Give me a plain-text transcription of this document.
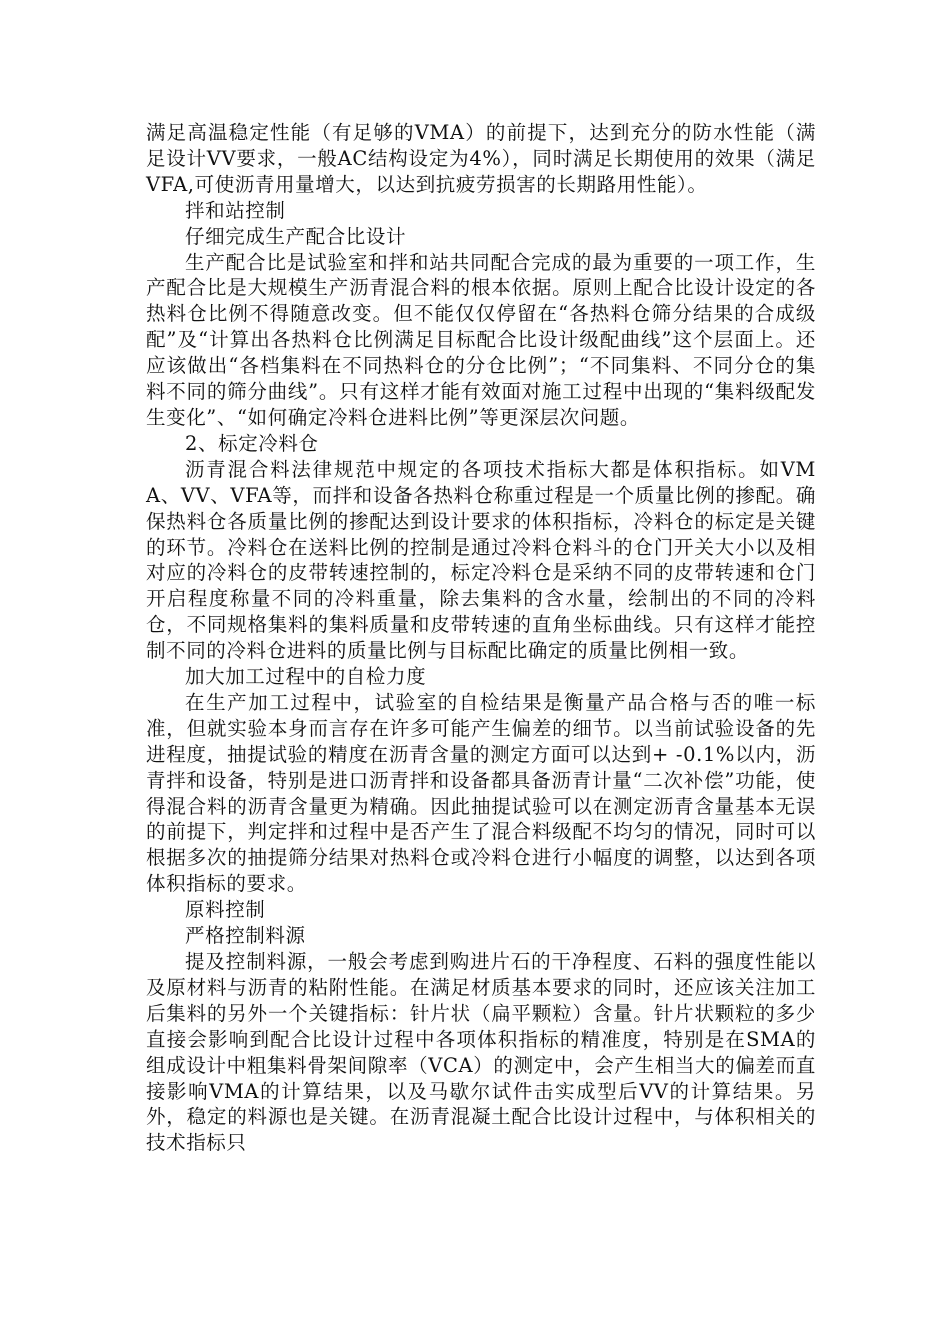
满足高温稳定性能（有足够的VMA）的前提下，达到充分的防水性能（满足设计VV要求，一般AC结构设定为4%），同时满足长期使用的效果（满足VFA,可使沥青用量增大，以达到抗疲劳损害的长期路用性能）。

拌和站控制

仔细完成生产配合比设计

生产配合比是试验室和拌和站共同配合完成的最为重要的一项工作，生产配合比是大规模生产沥青混合料的根本依据。原则上配合比设计设定的各热料仓比例不得随意改变。但不能仅仅停留在“各热料仓筛分结果的合成级配”及“计算出各热料仓比例满足目标配合比设计级配曲线”这个层面上。还应该做出“各档集料在不同热料仓的分仓比例”；“不同集料、不同分仓的集料不同的筛分曲线”。只有这样才能有效面对施工过程中出现的“集料级配发生变化”、“如何确定冷料仓进料比例”等更深层次问题。

2、标定冷料仓

沥青混合料法律规范中规定的各项技术指标大都是体积指标。如VMA、VV、VFA等，而拌和设备各热料仓称重过程是一个质量比例的掺配。确保热料仓各质量比例的掺配达到设计要求的体积指标，冷料仓的标定是关键的环节。冷料仓在送料比例的控制是通过冷料仓料斗的仓门开关大小以及相对应的冷料仓的皮带转速控制的，标定冷料仓是采纳不同的皮带转速和仓门开启程度称量不同的冷料重量，除去集料的含水量，绘制出的不同的冷料仓，不同规格集料的集料质量和皮带转速的直角坐标曲线。只有这样才能控制不同的冷料仓进料的质量比例与目标配比确定的质量比例相一致。

加大加工过程中的自检力度

在生产加工过程中，试验室的自检结果是衡量产品合格与否的唯一标准，但就实验本身而言存在许多可能产生偏差的细节。以当前试验设备的先进程度，抽提试验的精度在沥青含量的测定方面可以达到+ -0.1%以内，沥青拌和设备，特别是进口沥青拌和设备都具备沥青计量“二次补偿”功能，使得混合料的沥青含量更为精确。因此抽提试验可以在测定沥青含量基本无误的前提下，判定拌和过程中是否产生了混合料级配不均匀的情况，同时可以根据多次的抽提筛分结果对热料仓或冷料仓进行小幅度的调整，以达到各项体积指标的要求。

原料控制

严格控制料源

提及控制料源，一般会考虑到购进片石的干净程度、石料的强度性能以及原材料与沥青的粘附性能。在满足材质基本要求的同时，还应该关注加工后集料的另外一个关键指标：针片状（扁平颗粒）含量。针片状颗粒的多少直接会影响到配合比设计过程中各项体积指标的精准度，特别是在SMA的组成设计中粗集料骨架间隙率（VCA）的测定中，会产生相当大的偏差而直接影响VMA的计算结果，以及马歇尔试件击实成型后VV的计算结果。另外，稳定的料源也是关键。在沥青混凝土配合比设计过程中，与体积相关的技术指标只
